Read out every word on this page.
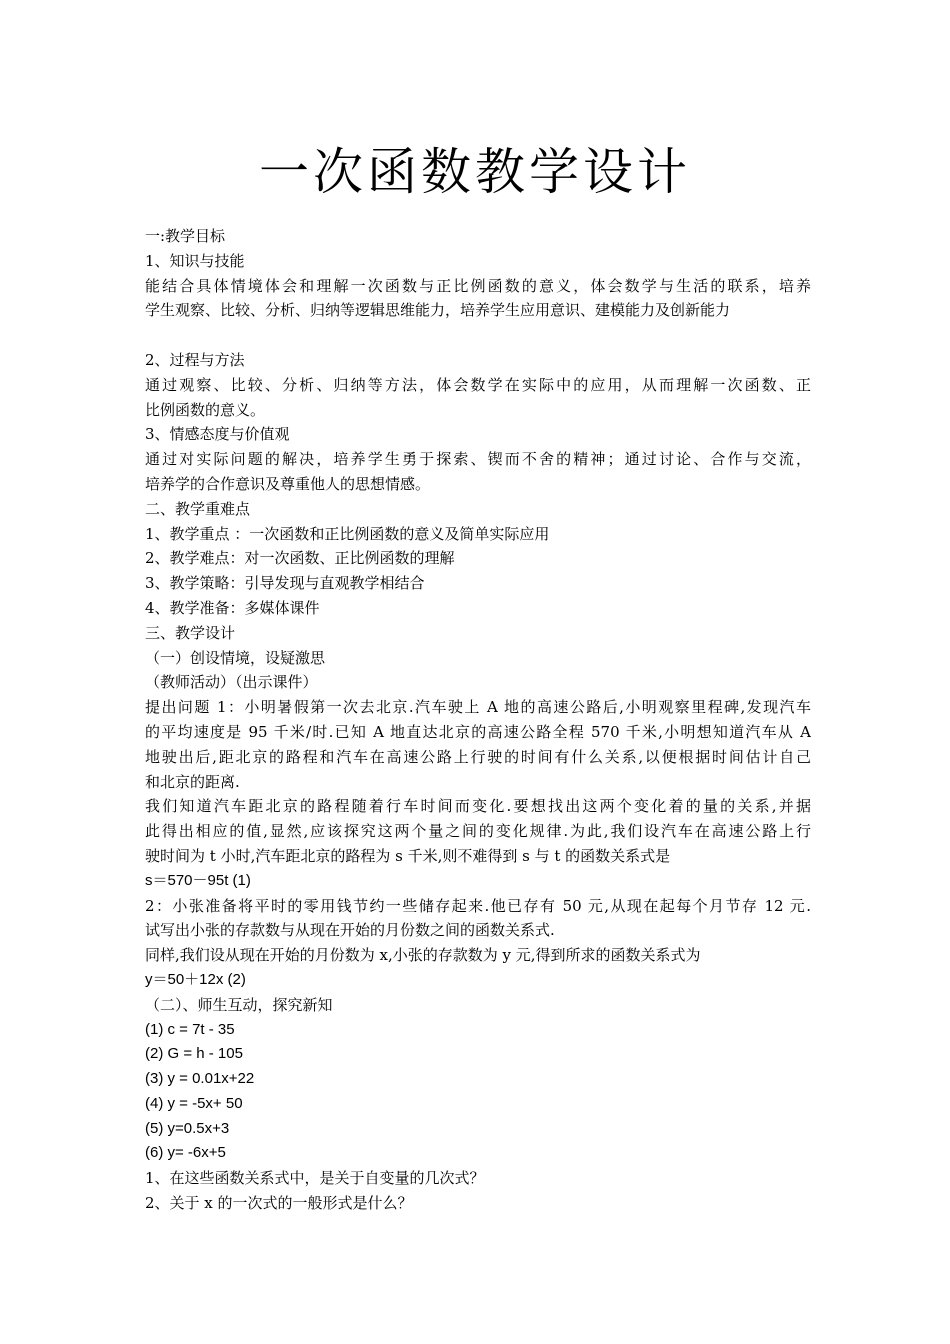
一次函数教学设计
一:教学目标
1、知识与技能
能结合具体情境体会和理解一次函数与正比例函数的意义，体会数学与生活的联系，培养
学生观察、比较、分析、归纳等逻辑思维能力，培养学生应用意识、建模能力及创新能力
2、过程与方法
通过观察、比较、分析、归纳等方法，体会数学在实际中的应用，从而理解一次函数、正
比例函数的意义。
3、情感态度与价值观
通过对实际问题的解决，培养学生勇于探索、锲而不舍的精神；通过讨论、合作与交流，
培养学的合作意识及尊重他人的思想情感。
二、教学重难点
1、教学重点 ：一次函数和正比例函数的意义及简单实际应用
2、教学难点：对一次函数、正比例函数的理解
3、教学策略：引导发现与直观教学相结合
4、教学准备：多媒体课件
三、教学设计
（一）创设情境，设疑激思
（教师活动）（出示课件）
提出问题 1：小明暑假第一次去北京.汽车驶上 A 地的高速公路后,小明观察里程碑,发现汽车
的平均速度是 95 千米/时.已知 A 地直达北京的高速公路全程 570 千米,小明想知道汽车从 A
地驶出后,距北京的路程和汽车在高速公路上行驶的时间有什么关系,以便根据时间估计自己
和北京的距离.
我们知道汽车距北京的路程随着行车时间而变化.要想找出这两个变化着的量的关系,并据
此得出相应的值,显然,应该探究这两个量之间的变化规律.为此,我们设汽车在高速公路上行
驶时间为 t 小时,汽车距北京的路程为 s 千米,则不难得到 s 与 t 的函数关系式是
s＝570－95t (1)
2：小张准备将平时的零用钱节约一些储存起来.他已存有 50 元,从现在起每个月节存 12 元.
试写出小张的存款数与从现在开始的月份数之间的函数关系式.
同样,我们设从现在开始的月份数为 x,小张的存款数为 y 元,得到所求的函数关系式为
y＝50＋12x (2)
（二）、师生互动，探究新知
(1) c = 7t - 35
(2) G = h - 105
(3) y = 0.01x+22
(4) y = -5x+ 50
(5) y=0.5x+3
(6) y= -6x+5
1、在这些函数关系式中，是关于自变量的几次式？
2、关于 x 的一次式的一般形式是什么？
